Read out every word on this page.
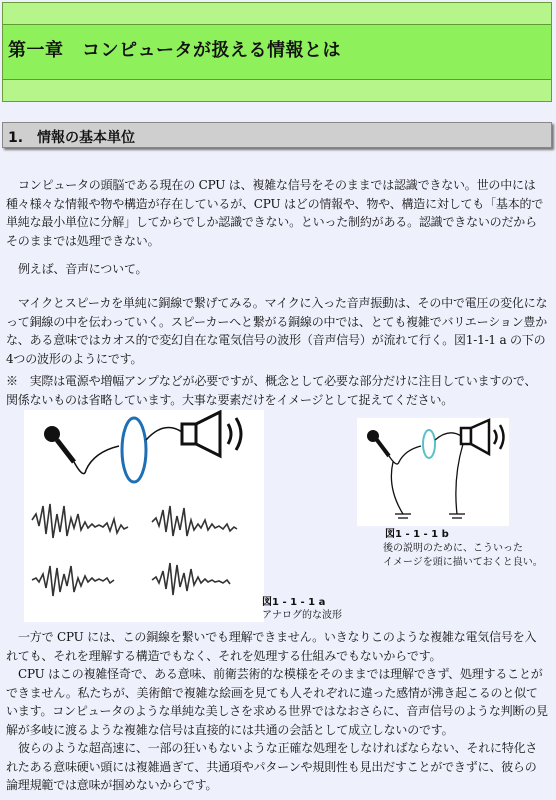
第一章　コンピュータが扱える情報とは
1.　情報の基本単位

コンピュータの頭脳である現在の CPU は、複雑な信号をそのままでは認識できない。世の中には種々様々な情報や物や構造が存在しているが、CPU はどの情報や、物や、構造に対しても「基本的で単純な最小単位に分解」してからでしか認識できない。といった制約がある。認識できないのだからそのままでは処理できない。

例えば、音声について。

マイクとスピーカを単純に銅線で繋げてみる。マイクに入った音声振動は、その中で電圧の変化になって銅線の中を伝わっていく。スピーカーへと繋がる銅線の中では、とても複雑でバリエーション豊かな、ある意味ではカオス的で変幻自在な電気信号の波形（音声信号）が流れて行く。図1-1-1 a の下の4つの波形のようにです。

※　実際は電源や増幅アンプなどが必要ですが、概念として必要な部分だけに注目していますので、関係ないものは省略しています。大事な要素だけをイメージとして捉えてください。

図1 - 1 - 1 a
アナログ的な波形
図1 - 1 - 1 b
後の説明のために、こういった
イメージを頭に描いておくと良い。

一方で CPU には、この銅線を繋いでも理解できません。いきなりこのような複雑な電気信号を入れても、それを理解する構造でもなく、それを処理する仕組みでもないからです。

CPU はこの複雑怪奇で、ある意味、前衛芸術的な模様をそのままでは理解できず、処理することができません。私たちが、美術館で複雑な絵画を見ても人それぞれに違った感情が沸き起こるのと似ています。コンピュータのような単純な美しさを求める世界ではなおさらに、音声信号のような判断の見解が多岐に渡るような複雑な信号は直接的には共通の会話として成立しないのです。

彼らのような超高速に、一部の狂いもないような正確な処理をしなければならない、それに特化されたある意味硬い頭には複雑過ぎて、共通項やパターンや規則性も見出だすことができずに、彼らの論理規範では意味が掴めないからです。
